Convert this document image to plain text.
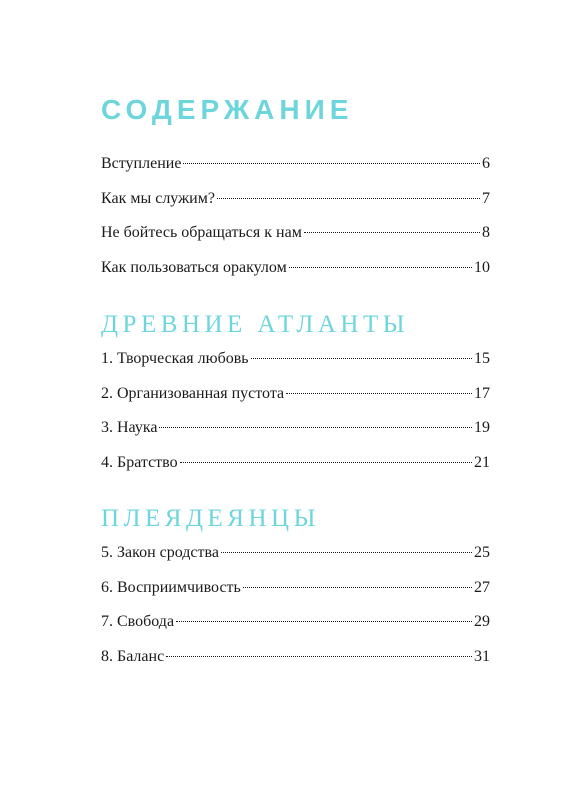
СОДЕРЖАНИЕ
Вступление	6
Как мы служим?	7
Не бойтесь обращаться к нам	8
Как пользоваться оракулом	10
ДРЕВНИЕ АТЛАНТЫ
1. Творческая любовь	15
2. Организованная пустота	17
3. Наука	19
4. Братство	21
ПЛЕЯДЕЯНЦЫ
5. Закон сродства	25
6. Восприимчивость	27
7. Свобода	29
8. Баланс	31
